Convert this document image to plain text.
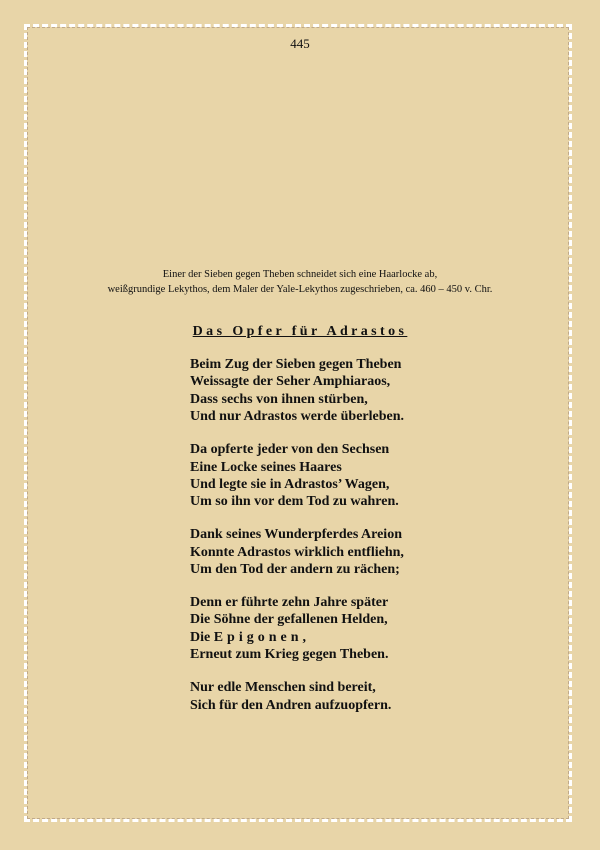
445
Einer der Sieben gegen Theben schneidet sich eine Haarlocke ab,
weißgrundige Lekythos, dem Maler der Yale-Lekythos zugeschrieben, ca. 460 – 450 v. Chr.
Das Opfer für Adrastos
Beim Zug der Sieben gegen Theben
Weissagte der Seher Amphiaraos,
Dass sechs von ihnen stürben,
Und nur Adrastos werde überleben.
Da opferte jeder von den Sechsen
Eine Locke seines Haares
Und legte sie in Adrastos’ Wagen,
Um so ihn vor dem Tod zu wahren.
Dank seines Wunderpferdes Areion
Konnte Adrastos wirklich entfliehn,
Um den Tod der andern zu rächen;
Denn er führte zehn Jahre später
Die Söhne der gefallenen Helden,
Die Epigonen,
Erneut zum Krieg gegen Theben.
Nur edle Menschen sind bereit,
Sich für den Andren aufzuopfern.
